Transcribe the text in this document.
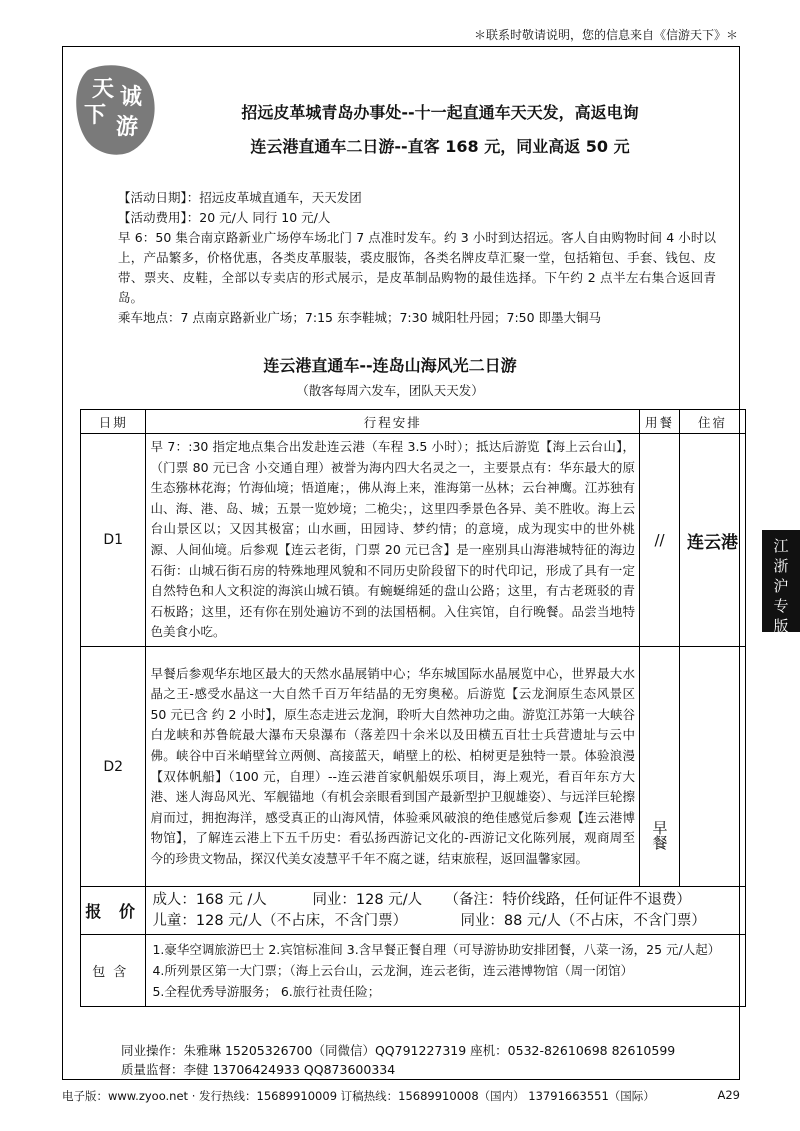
＊联系时敬请说明，您的信息来自《信游天下》＊
天
下
诚
游
招远皮革城青岛办事处--十一起直通车天天发，高返电询
连云港直通车二日游--直客 168 元，同业高返 50 元
【活动日期】：招远皮革城直通车，天天发团
【活动费用】：20 元/人 同行 10 元/人
早 6：50 集合南京路新业广场停车场北门 7 点准时发车。约 3 小时到达招远。客人自由购物时间 4 小时以上，产品繁多，价格优惠，各类皮革服装，裘皮服饰，各类名牌皮草汇聚一堂，包括箱包、手套、钱包、皮带、票夹、皮鞋，全部以专卖店的形式展示，是皮革制品购物的最佳选择。下午约 2 点半左右集合返回青岛。
乘车地点：7 点南京路新业广场；7:15 东李鞋城；7:30 城阳牡丹园；7:50 即墨大铜马
连云港直通车--连岛山海风光二日游
（散客每周六发车，团队天天发）
日期	行程安排	用餐	住宿
D1	早 7：:30 指定地点集合出发赴连云港（车程 3.5 小时）；抵达后游览【海上云台山】，（门票 80 元已含 小交通自理）被誉为海内四大名灵之一，主要景点有：华东最大的原生态猕林花海；竹海仙境；悟道庵；，佛从海上来，淮海第一丛林；云台神鹰。江苏独有山、海、港、岛、城；五景一览妙境；二桅尖；，这里四季景色各异、美不胜收。海上云台山景区以；又因其极富；山水画，田园诗、梦约情；的意境，成为现实中的世外桃源、人间仙境。后参观【连云老街，门票 20 元已含】是一座别具山海港城特征的海边石街：山城石街石房的特殊地理风貌和不同历史阶段留下的时代印记，形成了具有一定自然特色和人文积淀的海滨山城石镇。有蜿蜒绵延的盘山公路；这里，有古老斑驳的青石板路；这里，还有你在别处遍访不到的法国梧桐。入住宾馆，自行晚餐。品尝当地特色美食小吃。	//	连云港
D2	早餐后参观华东地区最大的天然水晶展销中心；华东城国际水晶展览中心，世界最大水晶之王-感受水晶这一大自然千百万年结晶的无穷奥秘。后游览【云龙涧原生态风景区 50 元已含 约 2 小时】，原生态走进云龙涧，聆听大自然神功之曲。游览江苏第一大峡谷白龙峡和苏鲁皖最大瀑布天泉瀑布（落差四十余米以及田横五百壮士兵营遗址与云中佛。峡谷中百米峭壁耸立两侧、高接蓝天，峭壁上的松、柏树更是独特一景。体验浪漫【双体帆船】（100 元，自理）--连云港首家帆船娱乐项目，海上观光，看百年东方大港、迷人海岛风光、军舰锚地（有机会亲眼看到国产最新型护卫舰雄姿）、与远洋巨轮擦肩而过，拥抱海洋，感受真正的山海风情，体验乘风破浪的绝佳感觉后参观【连云港博物馆】，了解连云港上下五千历史：看弘扬西游记文化的-西游记文化陈列展，观商周至今的珍贵文物品，探汉代美女凌慧平千年不腐之谜，结束旅程，返回温馨家园。	早餐	
报 价	成人：168 元 /人 同业：128 元/人 （备注：特价线路，任何证件不退费）
儿童：128 元/人（不占床，不含门票） 同业：88 元/人（不占床，不含门票）		

包含	1.豪华空调旅游巴士 2.宾馆标准间 3.含早餐正餐自理（可导游协助安排团餐，八菜一汤，25 元/人起）
4.所列景区第一大门票；（海上云台山，云龙涧，连云老街，连云港博物馆（周一闭馆）
5.全程优秀导游服务； 6.旅行社责任险；		
同业操作：朱雅琳 15205326700（同微信）QQ791227319 座机：0532-82610698 82610599
质量监督：李健 13706424933 QQ873600334
电子版：www.zyoo.net · 发行热线：15689910009 订稿热线：15689910008（国内） 13791663551（国际）	A29
江
浙
沪
专
版
